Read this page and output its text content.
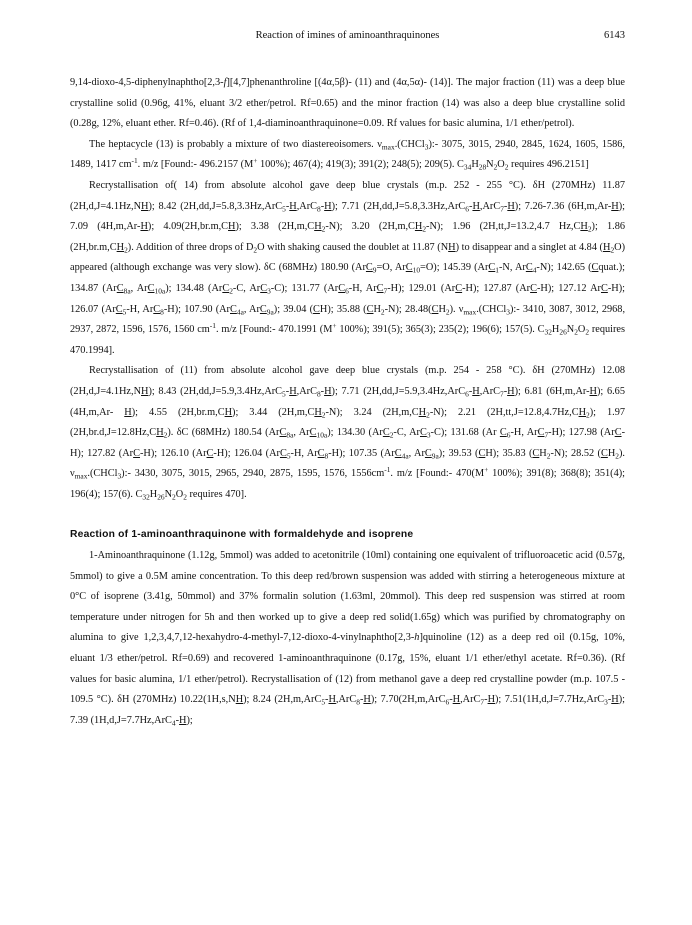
Reaction of imines of aminoanthraquinones	6143

9,14-dioxo-4,5-diphenylnaphtho[2,3-f][4,7]phenanthroline [(4α,5β)- (11) and (4α,5α)- (14)]. The major fraction (11) was a deep blue crystalline solid (0.96g, 41%, eluant 3/2 ether/petrol. Rf=0.65) and the minor fraction (14) was also a deep blue crystalline solid (0.28g, 12%, eluant ether. Rf=0.46). (Rf of 1,4-diaminoanthraquinone=0.09. Rf values for basic alumina, 1/1 ether/petrol).

The heptacycle (13) is probably a mixture of two diastereoisomers. $\nu_{max}.(CHCl_3):-$ 3075, 3015, 2940, 2845, 1624, 1605, 1586, 1489, 1417 $cm^{-1}$. m/z [Found:- 496.2157 (M+ 100%); 467(4); 419(3); 391(2); 248(5); 209(5). $C_{34}H_{28}N_2O_2$ requires 496.2151]

Recrystallisation of( 14) from absolute alcohol gave deep blue crystals (m.p. 252 - 255 °C). δH (270MHz) 11.87 (2H,d,J=4.1Hz,NH); 8.42 (2H,dd,J=5.8,3.3Hz,ArC$_5$-H,ArC$_8$-H); 7.71 (2H,dd,J=5.8,3.3Hz,ArC$_6$-H,ArC$_7$-H); 7.26-7.36 (6H,m,Ar-H); 7.09 (4H,m,Ar-H); 4.09(2H,br.m,CH); 3.38 $(2H,m,CH_2-N)$; 3.20 $(2H,m,CH_2-N)$; 1.96 (2H,tt,J=13.2,4.7 $Hz,CH_2$); 1.86 $(2H,br.m,CH_2)$. Addition of three drops of $D_2O$ with shaking caused the doublet at 11.87 (NH) to disappear and a singlet at 4.84 $(H_2O)$ appeared (although exchange was very slow). δC (68MHz) 180.90 (ArC$_9$=O, ArC$_{10}$=O); 145.39 (ArC$_1$-N, ArC$_4$-N); 142.65 (Cquat.); 134.87 (ArC$_{8a}$, ArC$_{10a}$); 134.48 (ArC$_2$-C, ArC$_3$-C); 131.77 (ArC$_6$-H, ArC$_7$-H); 129.01 (ArC-H); 127.87 (ArC-H); 127.12 ArC-H); 126.07 (ArC$_5$-H, ArC$_8$-H); 107.90 (ArC$_{4a}$, ArC$_{9a}$); 39.04 (CH); 35.88 $(CH_2-N)$; $28.48(CH_2)$. $\nu_{max}.(CHCl_3):-$ 3410, 3087, 3012, 2968, 2937, 2872, 1596, 1576, 1560 $cm^{-1}$. m/z [Found:- 470.1991 (M+ 100%); 391(5); 365(3); 235(2); 196(6); 157(5). $C_{32}H_{26}N_2O_2$ requires 470.1994].

Recrystallisation of (11) from absolute alcohol gave deep blue crystals (m.p. 254 - 258 °C). δH (270MHz) 12.08 (2H,d,J=4.1Hz,NH); 8.43 (2H,dd,J=5.9,3.4Hz,ArC$_5$-H,ArC$_8$-H); 7.71 (2H,dd,J=5.9,3.4Hz,ArC$_6$-H,ArC$_7$-H); 6.81 (6H,m,Ar-H); 6.65 (4H,m,Ar- H); 4.55 (2H,br.m,CH); 3.44 $(2H,m,CH_2-N)$; 3.24 $(2H,m,CH_2-N)$; 2.21 $(2H,tt,J=12.8,4.7Hz,CH_2)$; 1.97 $(2H,br.d,J=12.8Hz,CH_2)$. δC (68MHz) 180.54 (ArC$_{8a}$, ArC$_{10a}$); 134.30 (ArC$_2$-C, ArC$_3$-C); 131.68 (Ar $C_6-H$, ArC$_7$-H); 127.98 (ArC-H); 127.82 (ArC-H); 126.10 (ArC-H); 126.04 (ArC$_5$-H, ArC$_8$-H); 107.35 (ArC$_{4a}$, ArC$_{9a}$); 39.53 (CH); 35.83 $(CH_2-N)$; 28.52 $(CH_2)$. $\nu_{max}.(CHCl_3):-$ 3430, 3075, 3015, 2965, 2940, 2875, 1595, 1576, $1556cm^{-1}$. m/z [Found:- 470(M+ 100%); 391(8); 368(8); 351(4); 196(4); 157(6). $C_{32}H_{26}N_2O_2$ requires 470].

Reaction of 1-aminoanthraquinone with formaldehyde and isoprene

1-Aminoanthraquinone (1.12g, 5mmol) was added to acetonitrile (10ml) containing one equivalent of trifluoroacetic acid (0.57g, 5mmol) to give a 0.5M amine concentration. To this deep red/brown suspension was added with stirring a heterogeneous mixture at 0°C of isoprene (3.41g, 50mmol) and 37% formalin solution (1.63ml, 20mmol). This deep red suspension was stirred at room temperature under nitrogen for 5h and then worked up to give a deep red solid(1.65g) which was purified by chromatography on alumina to give 1,2,3,4,7,12-hexahydro-4-methyl-7,12-dioxo-4-vinylnaphtho[2,3-h]quinoline (12) as a deep red oil (0.15g, 10%, eluant 1/3 ether/petrol. Rf=0.69) and recovered 1-aminoanthraquinone (0.17g, 15%, eluant 1/1 ether/ethyl acetate. Rf=0.36). (Rf values for basic alumina, 1/1 ether/petrol). Recrystallisation of (12) from methanol gave a deep red crystalline powder (m.p. 107.5 - 109.5 °C). δH (270MHz) 10.22(1H,s,NH); 8.24 (2H,m,ArC$_5$-H,ArC$_8$-H); 7.70(2H,m,ArC$_6$-H,ArC$_7$-H); 7.51(1H,d,J=7.7Hz,ArC$_3$-H); 7.39 (1H,d,J=7.7Hz,ArC$_4$-H);
